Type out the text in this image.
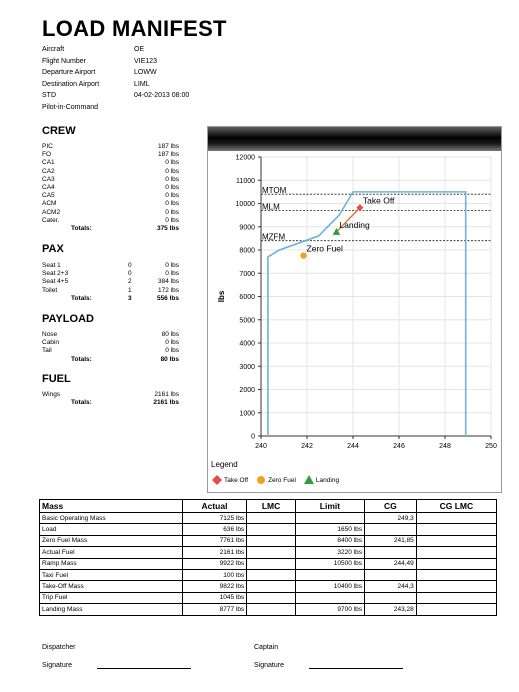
LOAD MANIFEST
Aircraft	OE
Flight Number	VIE123
Departure Airport	LOWW
Destination Airport	LIML
STD	04-02-2013 08:00
Pilot-in-Command
CREW
PIC	187 lbs
FO	187 lbs
CA1	0 lbs
CA2	0 lbs
CA3	0 lbs
CA4	0 lbs
CA5	0 lbs
ACM	0 lbs
ACM2	0 lbs
Cater.	0 lbs
Totals:	375 lbs
PAX
Seat 1	0	0 lbs
Seat 2+3	0	0 lbs
Seat 4+5	2	384 lbs
Toilet	1	172 lbs
Totals:	3	556 lbs
PAYLOAD
Nose	80 lbs
Cabin	0 lbs
Tail	0 lbs
Totals:	80 lbs
FUEL
Wings	2161 lbs
Totals:	2161 lbs
0
1000
2000
3000
4000
5000
6000
7000
8000
9000
10000
11000
12000
240	242	244	246	248	250
lbs
MTOM
MLM
MZFM
Take Off
Zero Fuel
Landing
Legend
Take Off	Zero Fuel	Landing
Mass	Actual	LMC	Limit	CG	CG LMC
Basic Operating Mass	7125 lbs			249,3	
Load	636 lbs		1650 lbs		
Zero Fuel Mass	7761 lbs		8400 lbs	241,85	
Actual Fuel	2161 lbs		3220 lbs		
Ramp Mass	9922 lbs		10500 lbs	244,49	
Taxi Fuel	100 lbs				
Take-Off Mass	9822 lbs		10400 lbs	244,3	
Trip Fuel	1045 lbs				
Landing Mass	8777 lbs		9700 lbs	243,28	
Dispatcher	Captain
Signature	Signature
